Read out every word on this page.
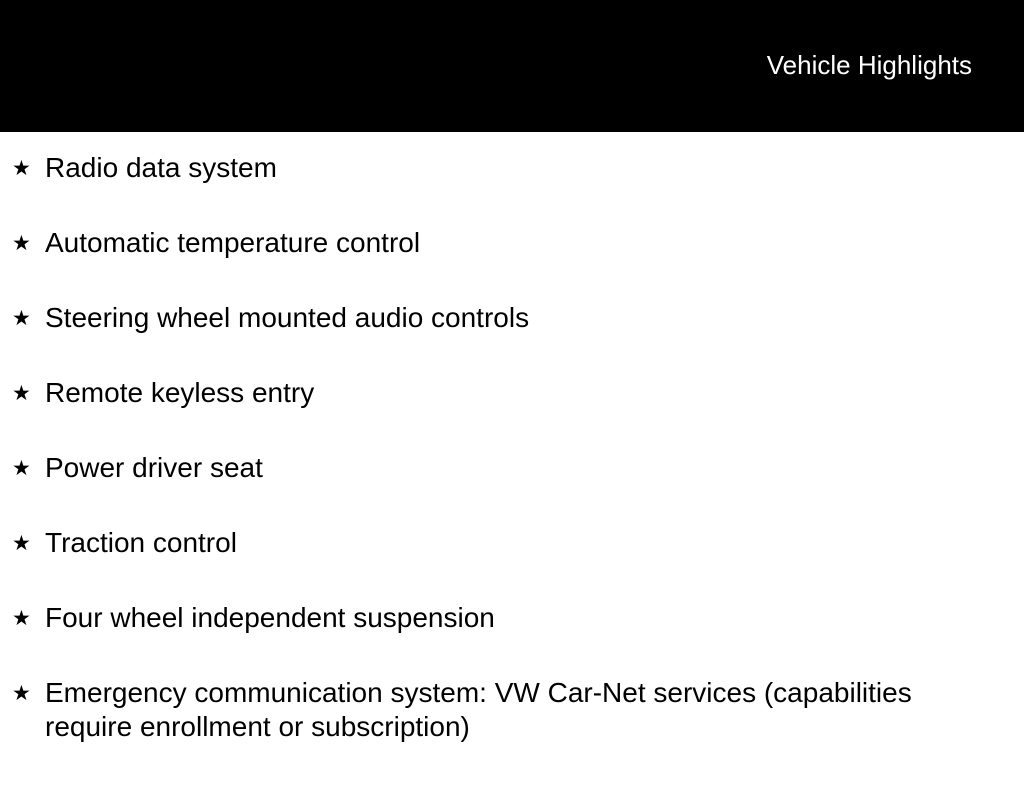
Vehicle Highlights
★ Radio data system
★ Automatic temperature control
★ Steering wheel mounted audio controls
★ Remote keyless entry
★ Power driver seat
★ Traction control
★ Four wheel independent suspension
★ Emergency communication system: VW Car-Net services (capabilities require enrollment or subscription)
